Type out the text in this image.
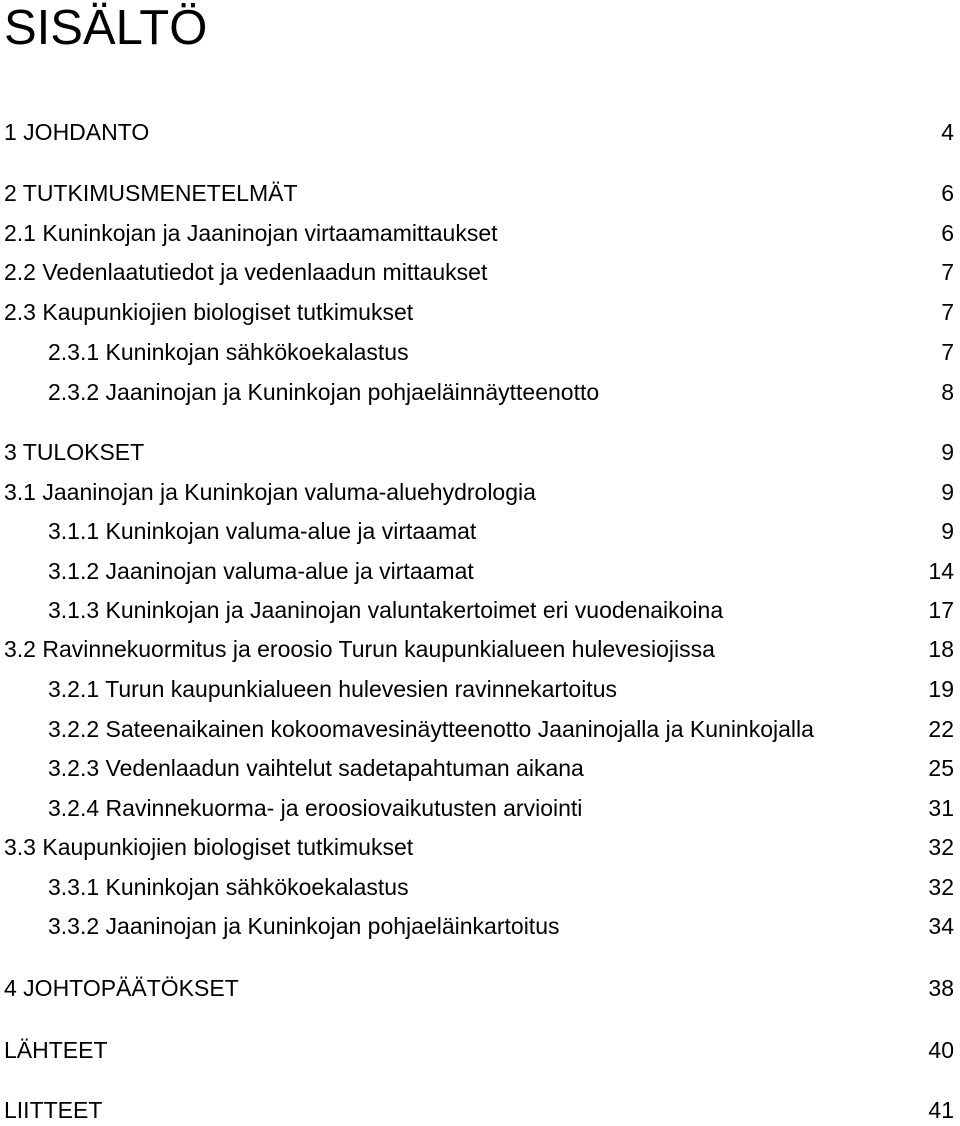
SISÄLTÖ
1 JOHDANTO	4
2 TUTKIMUSMENETELMÄT	6
2.1 Kuninkojan ja Jaaninojan virtaamamittaukset	6
2.2 Vedenlaatutiedot ja vedenlaadun mittaukset	7
2.3 Kaupunkiojien biologiset tutkimukset	7
2.3.1 Kuninkojan sähkökoekalastus	7
2.3.2 Jaaninojan ja Kuninkojan pohjaeläinnäytteenotto	8
3 TULOKSET	9
3.1 Jaaninojan ja Kuninkojan valuma-aluehydrologia	9
3.1.1 Kuninkojan valuma-alue ja virtaamat	9
3.1.2 Jaaninojan valuma-alue ja virtaamat	14
3.1.3 Kuninkojan ja Jaaninojan valuntakertoimet eri vuodenaikoina	17
3.2 Ravinnekuormitus ja eroosio Turun kaupunkialueen hulevesiojissa	18
3.2.1 Turun kaupunkialueen hulevesien ravinnekartoitus	19
3.2.2 Sateenaikainen kokoomavesinäytteenotto Jaaninojalla ja Kuninkojalla	22
3.2.3 Vedenlaadun vaihtelut sadetapahtuman aikana	25
3.2.4 Ravinnekuorma- ja eroosiovaikutusten arviointi	31
3.3 Kaupunkiojien biologiset tutkimukset	32
3.3.1 Kuninkojan sähkökoekalastus	32
3.3.2 Jaaninojan ja Kuninkojan pohjaeläinkartoitus	34
4 JOHTOPÄÄTÖKSET	38
LÄHTEET	40
LIITTEET	41
